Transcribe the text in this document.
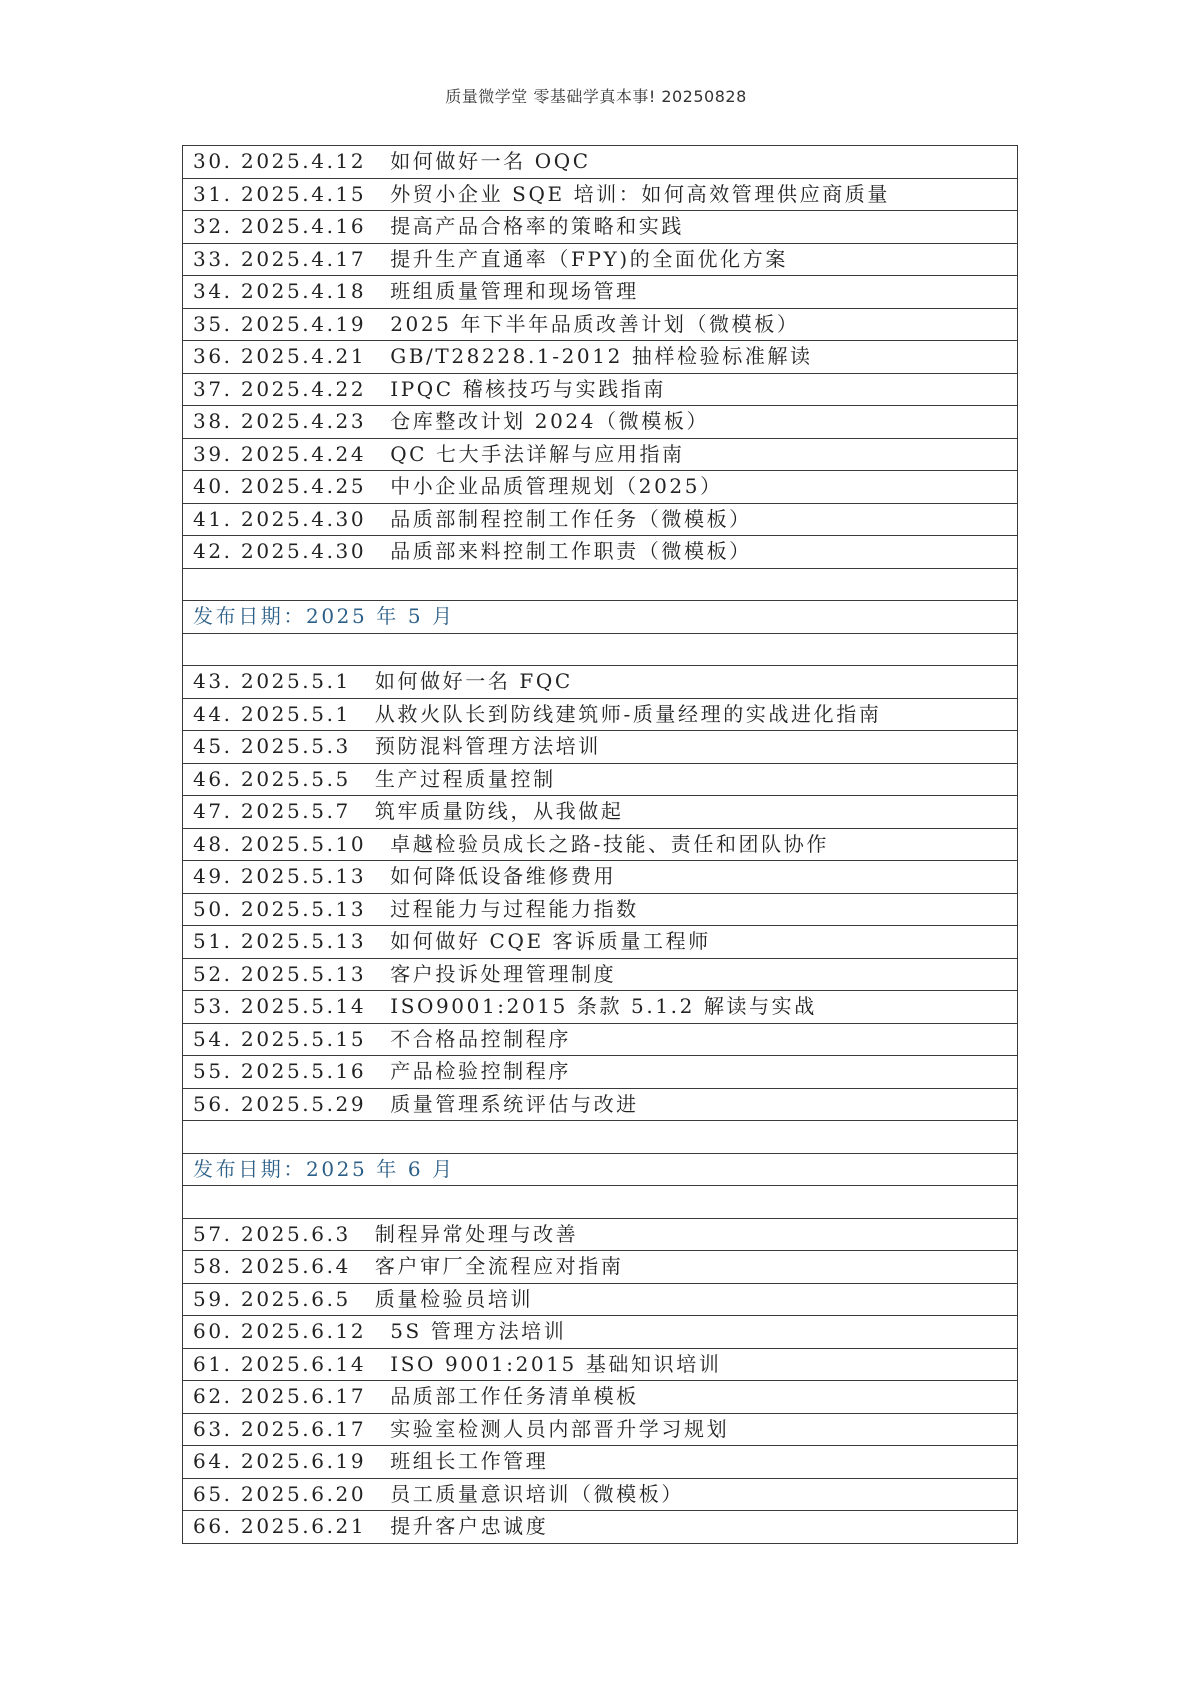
质量微学堂 零基础学真本事! 20250828
30. 2025.4.12 如何做好一名 OQC
31. 2025.4.15 外贸小企业 SQE 培训：如何高效管理供应商质量
32. 2025.4.16 提高产品合格率的策略和实践
33. 2025.4.17 提升生产直通率（FPY)的全面优化方案
34. 2025.4.18 班组质量管理和现场管理
35. 2025.4.19 2025 年下半年品质改善计划（微模板）
36. 2025.4.21 GB/T28228.1-2012 抽样检验标准解读
37. 2025.4.22 IPQC 稽核技巧与实践指南
38. 2025.4.23 仓库整改计划 2024（微模板）
39. 2025.4.24 QC 七大手法详解与应用指南
40. 2025.4.25 中小企业品质管理规划（2025）
41. 2025.4.30 品质部制程控制工作任务（微模板）
42. 2025.4.30 品质部来料控制工作职责（微模板）

发布日期：2025 年 5 月

43. 2025.5.1 如何做好一名 FQC
44. 2025.5.1 从救火队长到防线建筑师-质量经理的实战进化指南
45. 2025.5.3 预防混料管理方法培训
46. 2025.5.5 生产过程质量控制
47. 2025.5.7 筑牢质量防线，从我做起
48. 2025.5.10 卓越检验员成长之路-技能、责任和团队协作
49. 2025.5.13 如何降低设备维修费用
50. 2025.5.13 过程能力与过程能力指数
51. 2025.5.13 如何做好 CQE 客诉质量工程师
52. 2025.5.13 客户投诉处理管理制度
53. 2025.5.14 ISO9001:2015 条款 5.1.2 解读与实战
54. 2025.5.15 不合格品控制程序
55. 2025.5.16 产品检验控制程序
56. 2025.5.29 质量管理系统评估与改进

发布日期：2025 年 6 月

57. 2025.6.3 制程异常处理与改善
58. 2025.6.4 客户审厂全流程应对指南
59. 2025.6.5 质量检验员培训
60. 2025.6.12 5S 管理方法培训
61. 2025.6.14 ISO 9001:2015 基础知识培训
62. 2025.6.17 品质部工作任务清单模板
63. 2025.6.17 实验室检测人员内部晋升学习规划
64. 2025.6.19 班组长工作管理
65. 2025.6.20 员工质量意识培训（微模板）
66. 2025.6.21 提升客户忠诚度
